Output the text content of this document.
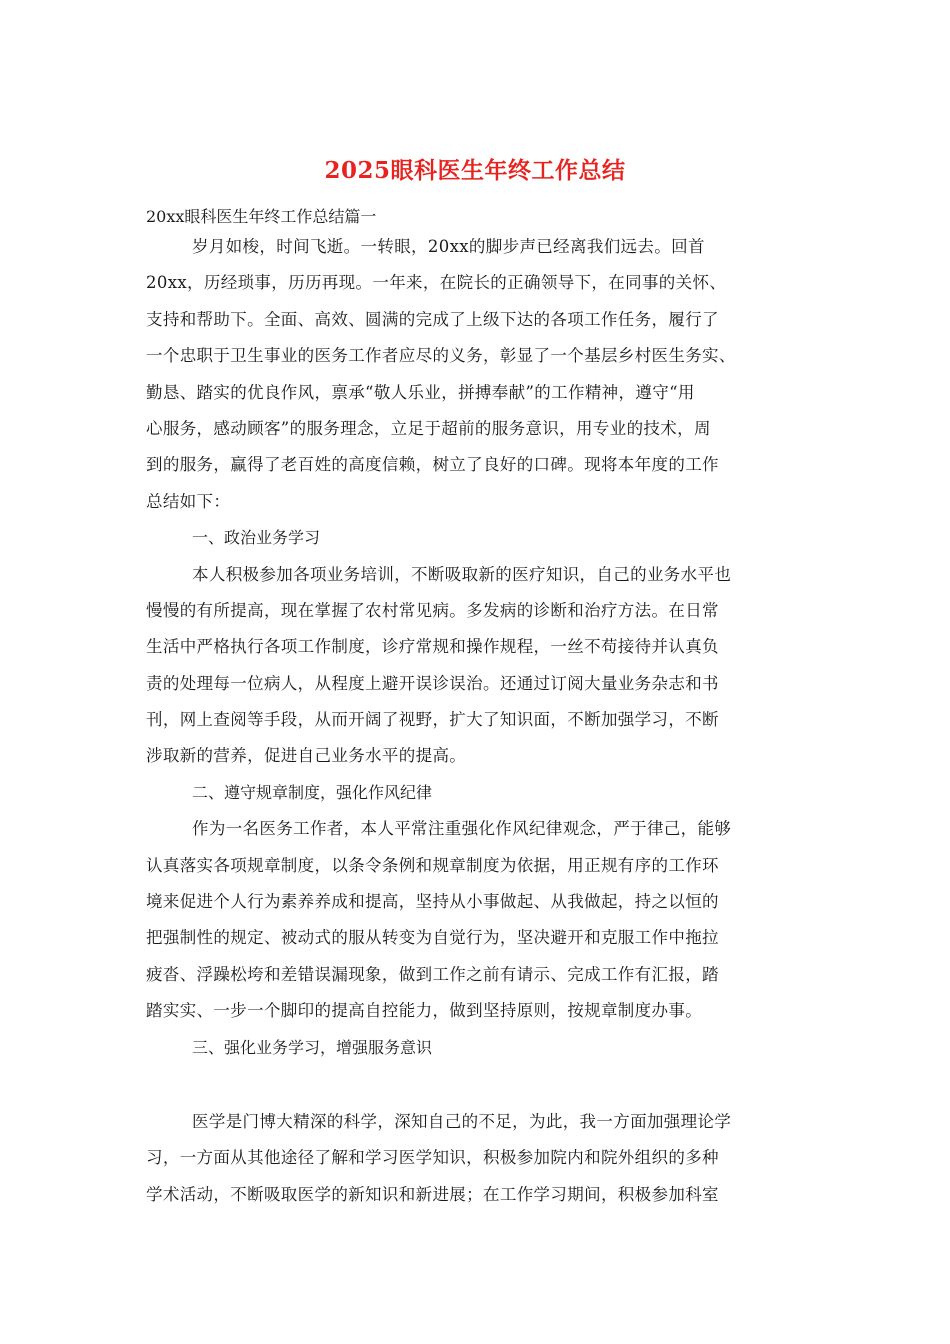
2025眼科医生年终工作总结
20xx眼科医生年终工作总结篇一
岁月如梭，时间飞逝。一转眼，20xx的脚步声已经离我们远去。回首
20xx，历经琐事，历历再现。一年来，在院长的正确领导下，在同事的关怀、
支持和帮助下。全面、高效、圆满的完成了上级下达的各项工作任务，履行了
一个忠职于卫生事业的医务工作者应尽的义务，彰显了一个基层乡村医生务实、
勤恳、踏实的优良作风，禀承“敬人乐业，拼搏奉献”的工作精神，遵守“用
心服务，感动顾客”的服务理念，立足于超前的服务意识，用专业的技术，周
到的服务，赢得了老百姓的高度信赖，树立了良好的口碑。现将本年度的工作
总结如下：
一、政治业务学习
本人积极参加各项业务培训，不断吸取新的医疗知识，自己的业务水平也
慢慢的有所提高，现在掌握了农村常见病。多发病的诊断和治疗方法。在日常
生活中严格执行各项工作制度，诊疗常规和操作规程，一丝不苟接待并认真负
责的处理每一位病人，从程度上避开误诊误治。还通过订阅大量业务杂志和书
刊，网上查阅等手段，从而开阔了视野，扩大了知识面，不断加强学习，不断
涉取新的营养，促进自己业务水平的提高。
二、遵守规章制度，强化作风纪律
作为一名医务工作者，本人平常注重强化作风纪律观念，严于律己，能够
认真落实各项规章制度，以条令条例和规章制度为依据，用正规有序的工作环
境来促进个人行为素养养成和提高，坚持从小事做起、从我做起，持之以恒的
把强制性的规定、被动式的服从转变为自觉行为，坚决避开和克服工作中拖拉
疲沓、浮躁松垮和差错误漏现象，做到工作之前有请示、完成工作有汇报，踏
踏实实、一步一个脚印的提高自控能力，做到坚持原则，按规章制度办事。
三、强化业务学习，增强服务意识
医学是门博大精深的科学，深知自己的不足，为此，我一方面加强理论学
习，一方面从其他途径了解和学习医学知识，积极参加院内和院外组织的多种
学术活动，不断吸取医学的新知识和新进展；在工作学习期间，积极参加科室
